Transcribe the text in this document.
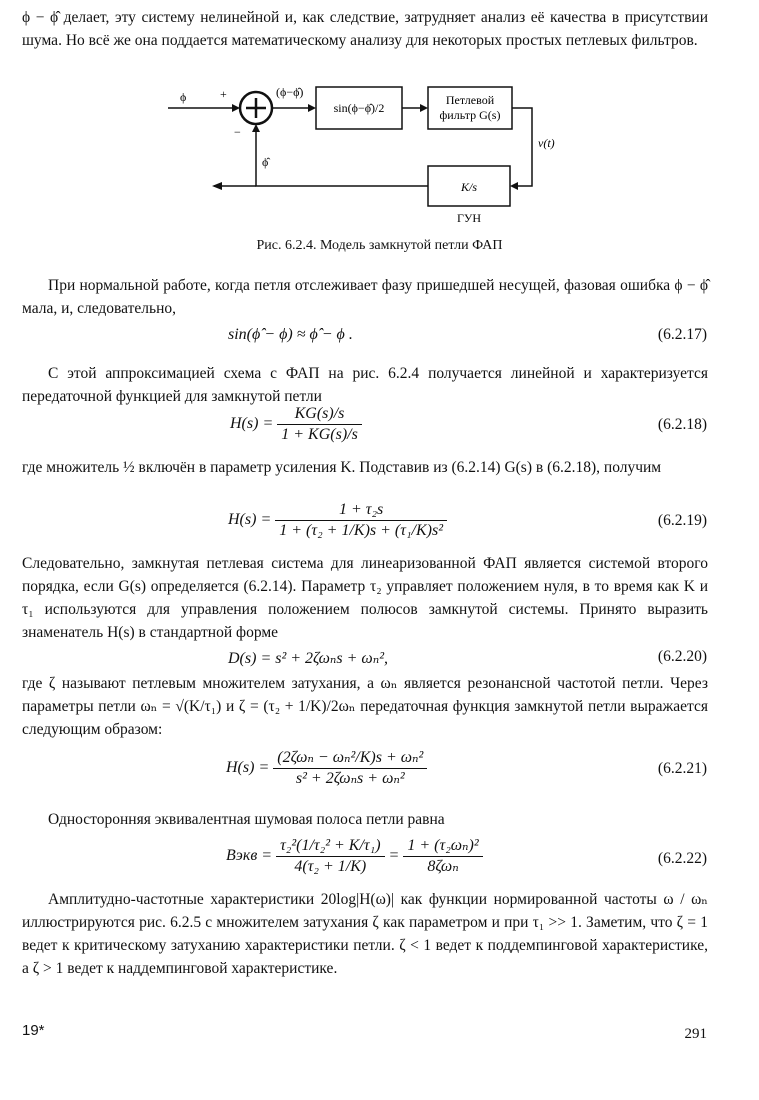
ϕ − ϕ̂ делает, эту систему нелинейной и, как следствие, затрудняет анализ её качества в присутствии шума. Но всё же она поддается математическому анализу для некоторых простых петлевых фильтров.

ϕ	+
−
(ϕ−ϕ̂)
sin(ϕ−ϕ̂)/2
Петлевой
фильтр G(s)
v(t)
K/s
ГУН
ϕ̂
Рис. 6.2.4. Модель замкнутой петли ФАП

При нормальной работе, когда петля отслеживает фазу пришедшей несущей, фазовая ошибка ϕ − ϕ̂ мала, и, следовательно,

sin(ϕ̂ − ϕ) ≈ ϕ̂ − ϕ .	(6.2.17)

С этой аппроксимацией схема с ФАП на рис. 6.2.4 получается линейной и характеризуется передаточной функцией для замкнутой петли

$H(s) = \frac{KG(s)/s}{1 + KG(s)/s}$	(6.2.18)

где множитель ½ включён в параметр усиления K. Подставив из (6.2.14) G(s) в (6.2.18), получим

$H(s) = \frac{\text{1 + τ₂s}}{\text{1 + (τ₂ + 1/K)s + (τ₁/K)s²}}$	(6.2.19)

Следовательно, замкнутая петлевая система для линеаризованной ФАП является системой второго порядка, если G(s) определяется (6.2.14). Параметр τ₂ управляет положением нуля, в то время как K и τ₁ используются для управления положением полюсов замкнутой системы. Принято выразить знаменатель H(s) в стандартной форме

D(s) = s² + 2ζωₙs + ωₙ²,	(6.2.20)

где ζ называют петлевым множителем затухания, а ωₙ является резонансной частотой петли. Через параметры петли ωₙ = √(K/τ₁) и ζ = (τ₂ + 1/K)/2ωₙ передаточная функция замкнутой петли выражается следующим образом:

$H(s) = \frac{\text{(2ζωₙ − ωₙ²/K)s + ωₙ²}}{\text{s² + 2ζωₙs + ωₙ²}}$	(6.2.21)

Односторонняя эквивалентная шумовая полоса петли равна

Bэкв = $\frac{\text{τ₂²(1/τ₂² + K/τ₁)}}{\text{4(τ₂ + 1/K)}} = \frac{\text{1 + (τ₂ωₙ)²}}{\text{8ζωₙ}}$	(6.2.22)

Амплитудно-частотные характеристики 20log|H(ω)| как функции нормированной частоты ω / ωₙ иллюстрируются рис. 6.2.5 с множителем затухания ζ как параметром и при τ₁ >> 1. Заметим, что ζ = 1 ведет к критическому затуханию характеристики петли. ζ < 1 ведет к поддемпинговой характеристике, а ζ > 1 ведет к наддемпинговой характеристике.

19*	291
